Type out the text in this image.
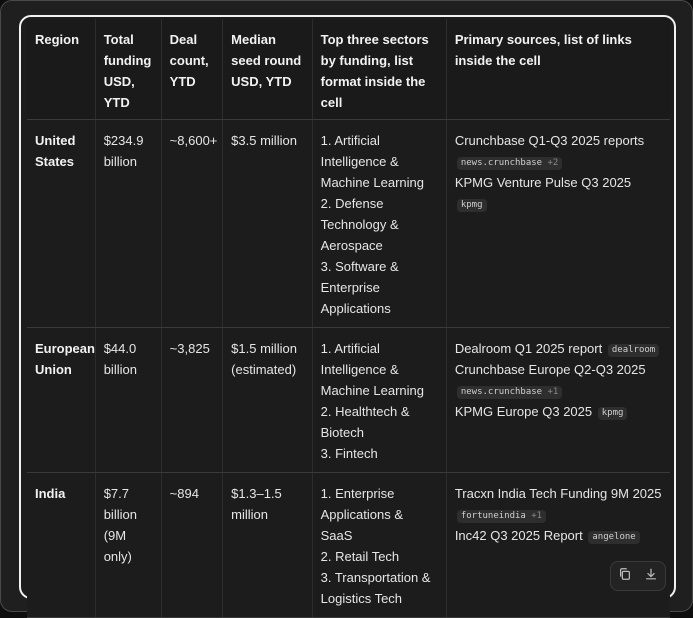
Region	Total funding USD, YTD	Deal count, YTD	Median seed round USD, YTD	Top three sectors by funding, list format inside the cell	Primary sources, list of links inside the cell
United States	$234.9 billion	~8,600+	$3.5 million	1. Artificial Intelligence & Machine Learning
2. Defense Technology & Aerospace
3. Software & Enterprise Applications	Crunchbase Q1-Q3 2025 reports news.crunchbase +2
KPMG Venture Pulse Q3 2025 kpmg

European Union	$44.0 billion	~3,825	$1.5 million (estimated)	1. Artificial Intelligence & Machine Learning
2. Healthtech & Biotech
3. Fintech	Dealroom Q1 2025 report dealroom
Crunchbase Europe Q2-Q3 2025 news.crunchbase +1
KPMG Europe Q3 2025 kpmg

India	$7.7 billion (9M only)	~894	$1.3–1.5 million	1. Enterprise Applications & SaaS
2. Retail Tech
3. Transportation & Logistics Tech	Tracxn India Tech Funding 9M 2025 fortuneindia +1
Inc42 Q3 2025 Report angelone
